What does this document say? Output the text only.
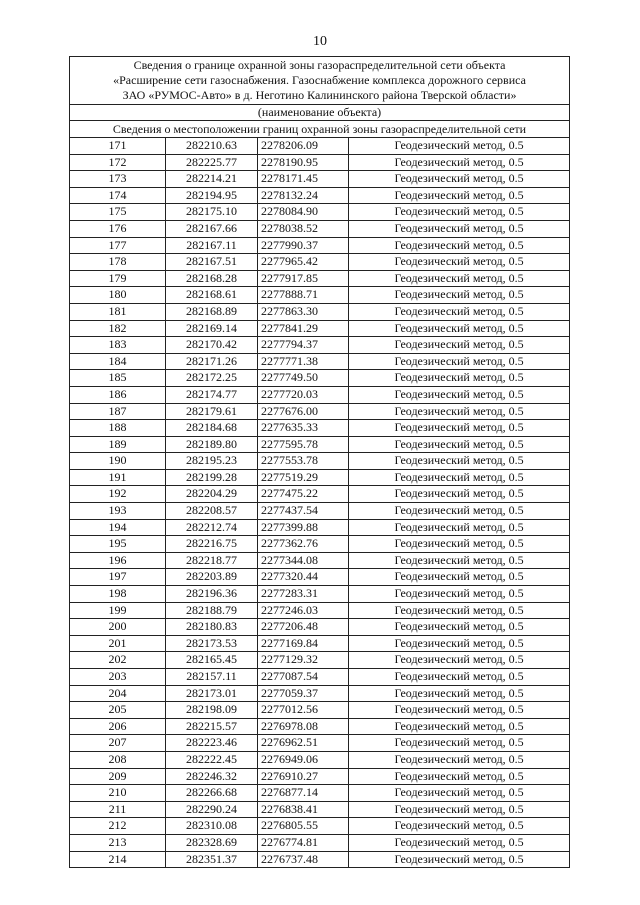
10
Сведения о границе охранной зоны газораспределительной сети объекта
«Расширение сети газоснабжения. Газоснабжение комплекса дорожного сервиса
ЗАО «РУМОС-Авто» в д. Неготино Калининского района Тверской области»			

(наименование объекта)			
Сведения о местоположении границ охранной зоны газораспределительной сети			
171	282210.63	2278206.09	Геодезический метод, 0.5
172	282225.77	2278190.95	Геодезический метод, 0.5
173	282214.21	2278171.45	Геодезический метод, 0.5
174	282194.95	2278132.24	Геодезический метод, 0.5
175	282175.10	2278084.90	Геодезический метод, 0.5
176	282167.66	2278038.52	Геодезический метод, 0.5
177	282167.11	2277990.37	Геодезический метод, 0.5
178	282167.51	2277965.42	Геодезический метод, 0.5
179	282168.28	2277917.85	Геодезический метод, 0.5
180	282168.61	2277888.71	Геодезический метод, 0.5
181	282168.89	2277863.30	Геодезический метод, 0.5
182	282169.14	2277841.29	Геодезический метод, 0.5
183	282170.42	2277794.37	Геодезический метод, 0.5
184	282171.26	2277771.38	Геодезический метод, 0.5
185	282172.25	2277749.50	Геодезический метод, 0.5
186	282174.77	2277720.03	Геодезический метод, 0.5
187	282179.61	2277676.00	Геодезический метод, 0.5
188	282184.68	2277635.33	Геодезический метод, 0.5
189	282189.80	2277595.78	Геодезический метод, 0.5
190	282195.23	2277553.78	Геодезический метод, 0.5
191	282199.28	2277519.29	Геодезический метод, 0.5
192	282204.29	2277475.22	Геодезический метод, 0.5
193	282208.57	2277437.54	Геодезический метод, 0.5
194	282212.74	2277399.88	Геодезический метод, 0.5
195	282216.75	2277362.76	Геодезический метод, 0.5
196	282218.77	2277344.08	Геодезический метод, 0.5
197	282203.89	2277320.44	Геодезический метод, 0.5
198	282196.36	2277283.31	Геодезический метод, 0.5
199	282188.79	2277246.03	Геодезический метод, 0.5
200	282180.83	2277206.48	Геодезический метод, 0.5
201	282173.53	2277169.84	Геодезический метод, 0.5
202	282165.45	2277129.32	Геодезический метод, 0.5
203	282157.11	2277087.54	Геодезический метод, 0.5
204	282173.01	2277059.37	Геодезический метод, 0.5
205	282198.09	2277012.56	Геодезический метод, 0.5
206	282215.57	2276978.08	Геодезический метод, 0.5
207	282223.46	2276962.51	Геодезический метод, 0.5
208	282222.45	2276949.06	Геодезический метод, 0.5
209	282246.32	2276910.27	Геодезический метод, 0.5
210	282266.68	2276877.14	Геодезический метод, 0.5
211	282290.24	2276838.41	Геодезический метод, 0.5
212	282310.08	2276805.55	Геодезический метод, 0.5
213	282328.69	2276774.81	Геодезический метод, 0.5
214	282351.37	2276737.48	Геодезический метод, 0.5
